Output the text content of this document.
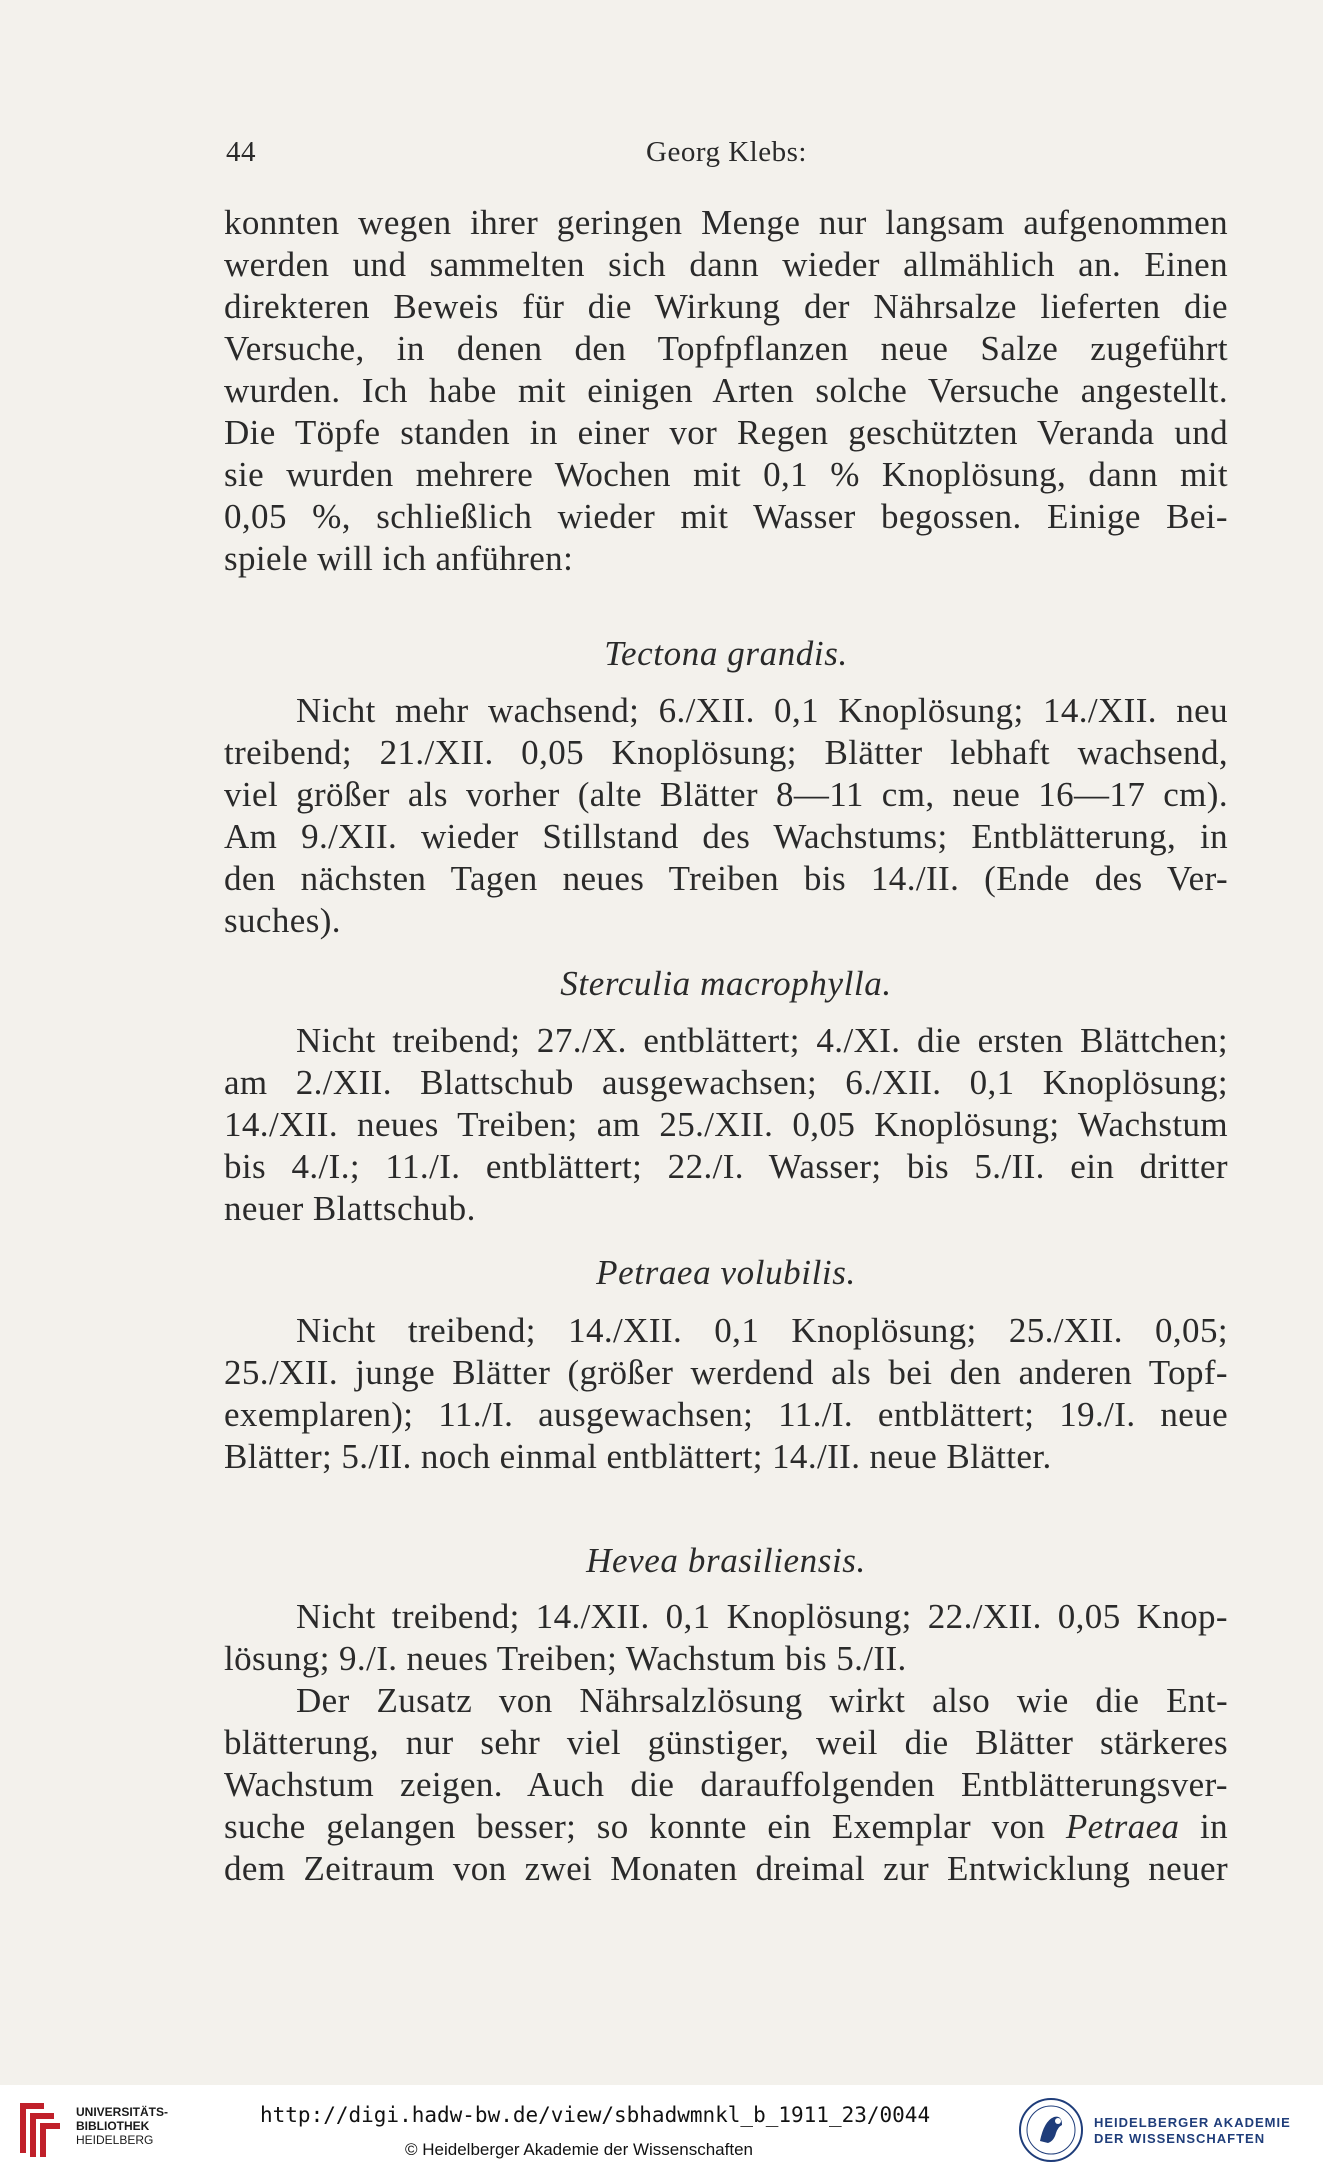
44	Georg Klebs:
konnten wegen ihrer geringen Menge nur langsam aufgenommen
werden und sammelten sich dann wieder allmählich an. Einen
direkteren Beweis für die Wirkung der Nährsalze lieferten die
Versuche, in denen den Topfpflanzen neue Salze zugeführt
wurden. Ich habe mit einigen Arten solche Versuche angestellt.
Die Töpfe standen in einer vor Regen geschützten Veranda und
sie wurden mehrere Wochen mit 0,1 % Knoplösung, dann mit
0,05 %, schließlich wieder mit Wasser begossen. Einige Bei-
spiele will ich anführen:
Tectona grandis.
Nicht mehr wachsend; 6./XII. 0,1 Knoplösung; 14./XII. neu
treibend; 21./XII. 0,05 Knoplösung; Blätter lebhaft wachsend,
viel größer als vorher (alte Blätter 8—11 cm, neue 16—17 cm).
Am 9./XII. wieder Stillstand des Wachstums; Entblätterung, in
den nächsten Tagen neues Treiben bis 14./II. (Ende des Ver-
suches).
Sterculia macrophylla.
Nicht treibend; 27./X. entblättert; 4./XI. die ersten Blättchen;
am 2./XII. Blattschub ausgewachsen; 6./XII. 0,1 Knoplösung;
14./XII. neues Treiben; am 25./XII. 0,05 Knoplösung; Wachstum
bis 4./I.; 11./I. entblättert; 22./I. Wasser; bis 5./II. ein dritter
neuer Blattschub.
Petraea volubilis.
Nicht treibend; 14./XII. 0,1 Knoplösung; 25./XII. 0,05;
25./XII. junge Blätter (größer werdend als bei den anderen Topf-
exemplaren); 11./I. ausgewachsen; 11./I. entblättert; 19./I. neue
Blätter; 5./II. noch einmal entblättert; 14./II. neue Blätter.
Hevea brasiliensis.
Nicht treibend; 14./XII. 0,1 Knoplösung; 22./XII. 0,05 Knop-
lösung; 9./I. neues Treiben; Wachstum bis 5./II.
Der Zusatz von Nährsalzlösung wirkt also wie die Ent-
blätterung, nur sehr viel günstiger, weil die Blätter stärkeres
Wachstum zeigen. Auch die darauffolgenden Entblätterungsver-
suche gelangen besser; so konnte ein Exemplar von Petraea in
dem Zeitraum von zwei Monaten dreimal zur Entwicklung neuer
UNIVERSITÄTS-
BIBLIOTHEK
HEIDELBERG
http://digi.hadw-bw.de/view/sbhadwmnkl_b_1911_23/0044
© Heidelberger Akademie der Wissenschaften
HEIDELBERGER AKADEMIE
DER WISSENSCHAFTEN
